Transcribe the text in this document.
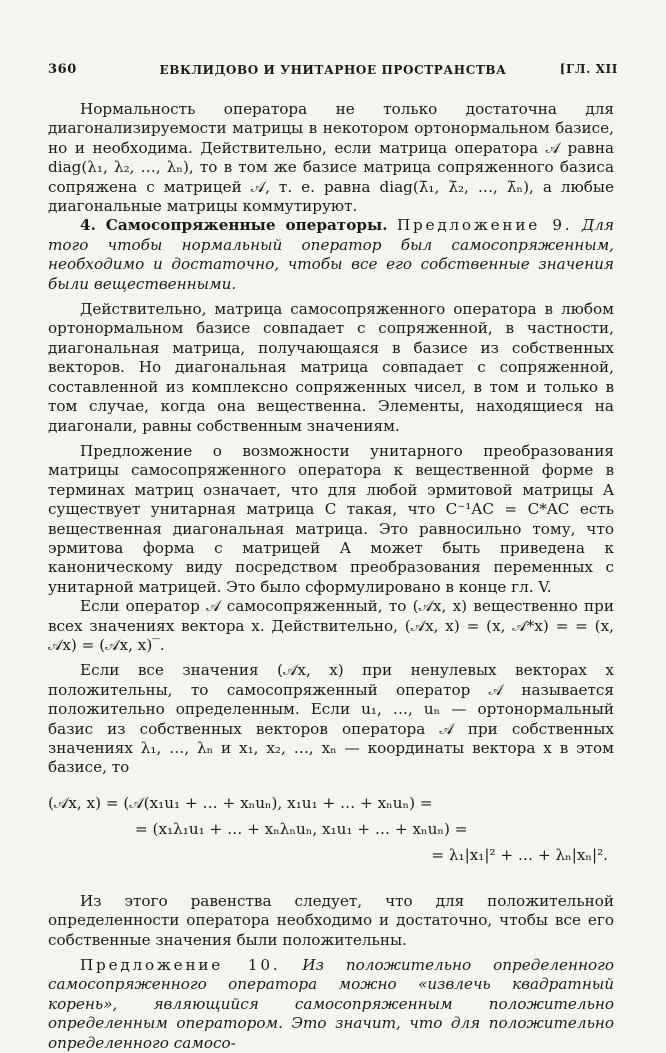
360	ЕВКЛИДОВО И УНИТАРНОЕ ПРОСТРАНСТВА	[ГЛ. XII

Нормальность оператора не только достаточна для диагонализируемости матрицы в некотором ортонормальном базисе, но и необходима. Действительно, если матрица оператора 𝒜 равна diag(λ₁, λ₂, …, λₙ), то в том же базисе матрица сопряженного базиса сопряжена с матрицей 𝒜, т. е. равна diag(λ̄₁, λ̄₂, …, λ̄ₙ), а любые диагональные матрицы коммутируют.

4. Самосопряженные операторы. Предложение 9. Для того чтобы нормальный оператор был самосопряженным, необходимо и достаточно, чтобы все его собственные значения были вещественными.

Действительно, матрица самосопряженного оператора в любом ортонормальном базисе совпадает с сопряженной, в частности, диагональная матрица, получающаяся в базисе из собственных векторов. Но диагональная матрица совпадает с сопряженной, составленной из комплексно сопряженных чисел, в том и только в том случае, когда она вещественна. Элементы, находящиеся на диагонали, равны собственным значениям.

Предложение о возможности унитарного преобразования матрицы самосопряженного оператора к вещественной форме в терминах матриц означает, что для любой эрмитовой матрицы A существует унитарная матрица C такая, что C⁻¹AC = C*AC есть вещественная диагональная матрица. Это равносильно тому, что эрмитова форма с матрицей A может быть приведена к каноническому виду посредством преобразования переменных с унитарной матрицей. Это было сформулировано в конце гл. V.

Если оператор 𝒜 самосопряженный, то (𝒜x, x) вещественно при всех значениях вектора x. Действительно, (𝒜x, x) = (x, 𝒜*x) = = (x, 𝒜x) = (𝒜x, x)‾.

Если все значения (𝒜x, x) при ненулевых векторах x положительны, то самосопряженный оператор 𝒜 называется положительно определенным. Если u₁, …, uₙ — ортонормальный базис из собственных векторов оператора 𝒜 при собственных значениях λ₁, …, λₙ и x₁, x₂, …, xₙ — координаты вектора x в этом базисе, то

(𝒜x, x) = (𝒜(x₁u₁ + … + xₙuₙ), x₁u₁ + … + xₙuₙ) =
= (x₁λ₁u₁ + … + xₙλₙuₙ, x₁u₁ + … + xₙuₙ) =
= λ₁|x₁|² + … + λₙ|xₙ|².

Из этого равенства следует, что для положительной определенности оператора необходимо и достаточно, чтобы все его собственные значения были положительны.

Предложение 10. Из положительно определенного самосопряженного оператора можно «извлечь квадратный корень», являющийся самосопряженным положительно определенным оператором. Это значит, что для положительно определенного самосо-
